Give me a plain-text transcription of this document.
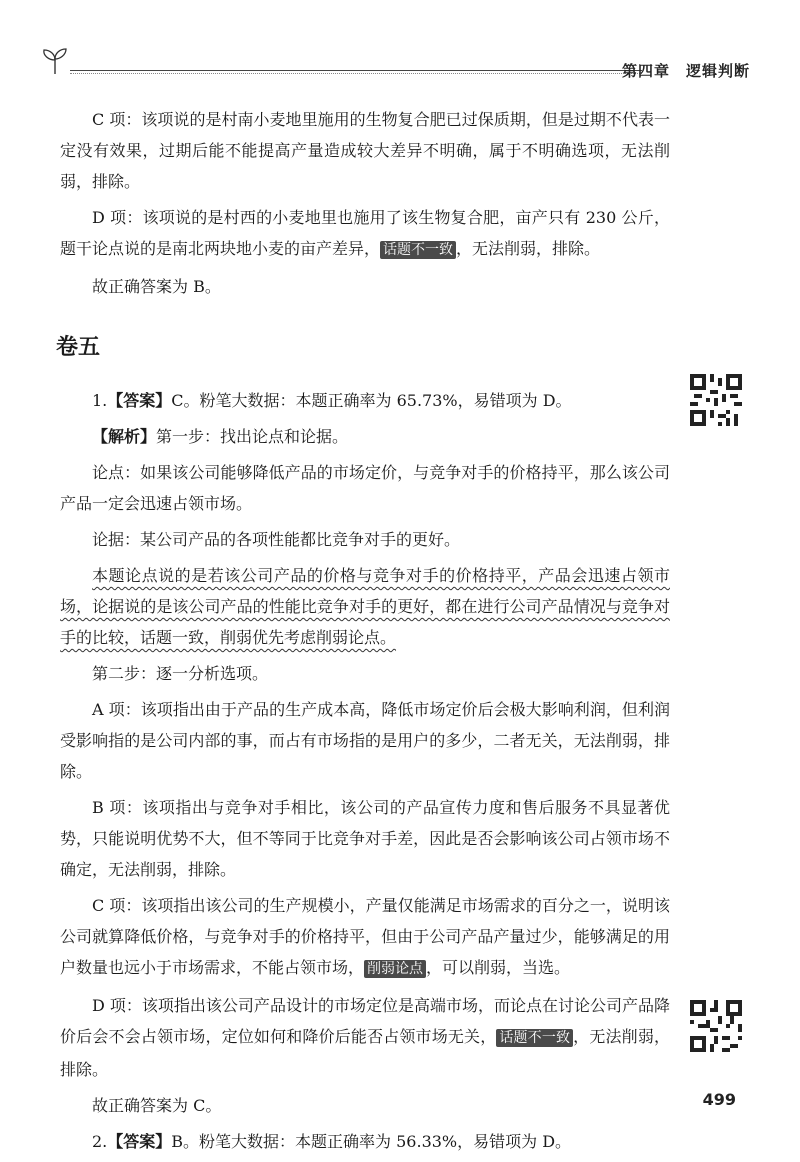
第四章 逻辑判断

C 项：该项说的是村南小麦地里施用的生物复合肥已过保质期，但是过期不代表一定没有效果，过期后能不能提高产量造成较大差异不明确，属于不明确选项，无法削弱，排除。

D 项：该项说的是村西的小麦地里也施用了该生物复合肥，亩产只有 230 公斤，题干论点说的是南北两块地小麦的亩产差异， 话题不一致 ，无法削弱，排除。

故正确答案为 B。

卷五

1.【答案】C。粉笔大数据：本题正确率为 65.73%，易错项为 D。

【解析】第一步：找出论点和论据。

论点：如果该公司能够降低产品的市场定价，与竞争对手的价格持平，那么该公司产品一定会迅速占领市场。

论据：某公司产品的各项性能都比竞争对手的更好。

本题论点说的是若该公司产品的价格与竞争对手的价格持平，产品会迅速占领市场，论据说的是该公司产品的性能比竞争对手的更好，都在进行公司产品情况与竞争对手的比较，话题一致，削弱优先考虑削弱论点。

第二步：逐一分析选项。

A 项：该项指出由于产品的生产成本高，降低市场定价后会极大影响利润，但利润受影响指的是公司内部的事，而占有市场指的是用户的多少，二者无关，无法削弱，排除。

B 项：该项指出与竞争对手相比，该公司的产品宣传力度和售后服务不具显著优势，只能说明优势不大，但不等同于比竞争对手差，因此是否会影响该公司占领市场不确定，无法削弱，排除。

C 项：该项指出该公司的生产规模小，产量仅能满足市场需求的百分之一，说明该公司就算降低价格，与竞争对手的价格持平，但由于公司产品产量过少，能够满足的用户数量也远小于市场需求，不能占领市场， 削弱论点 ，可以削弱，当选。

D 项：该项指出该公司产品设计的市场定位是高端市场，而论点在讨论公司产品降价后会不会占领市场，定位如何和降价后能否占领市场无关， 话题不一致 ，无法削弱，排除。

故正确答案为 C。

2.【答案】B。粉笔大数据：本题正确率为 56.33%，易错项为 D。

499
